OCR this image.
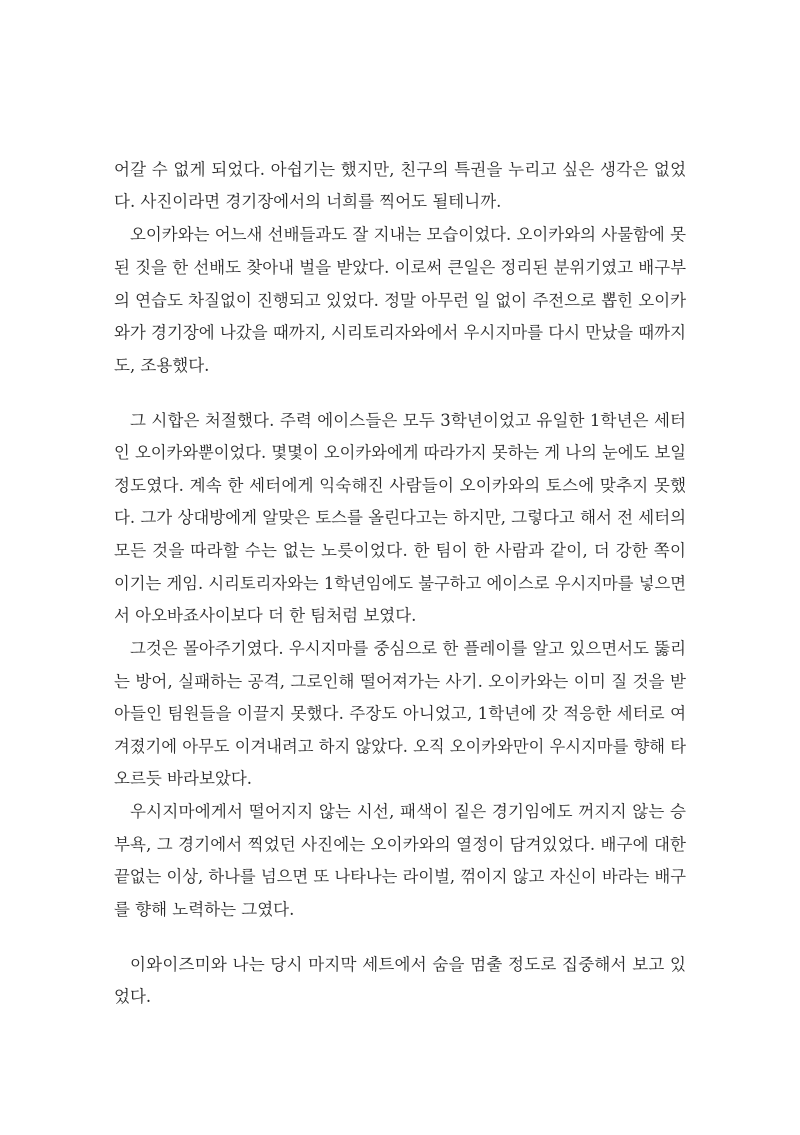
어갈 수 없게 되었다. 아쉽기는 했지만, 친구의 특권을 누리고 싶은 생각은 없었
다. 사진이라면 경기장에서의 너희를 찍어도 될테니까.
오이카와는 어느새 선배들과도 잘 지내는 모습이었다. 오이카와의 사물함에 못
된 짓을 한 선배도 찾아내 벌을 받았다. 이로써 큰일은 정리된 분위기였고 배구부
의 연습도 차질없이 진행되고 있었다. 정말 아무런 일 없이 주전으로 뽑힌 오이카
와가 경기장에 나갔을 때까지, 시리토리자와에서 우시지마를 다시 만났을 때까지
도, 조용했다.
그 시합은 처절했다. 주력 에이스들은 모두 3학년이었고 유일한 1학년은 세터
인 오이카와뿐이었다. 몇몇이 오이카와에게 따라가지 못하는 게 나의 눈에도 보일
정도였다. 계속 한 세터에게 익숙해진 사람들이 오이카와의 토스에 맞추지 못했
다. 그가 상대방에게 알맞은 토스를 올린다고는 하지만, 그렇다고 해서 전 세터의
모든 것을 따라할 수는 없는 노릇이었다. 한 팀이 한 사람과 같이, 더 강한 쪽이
이기는 게임. 시리토리자와는 1학년임에도 불구하고 에이스로 우시지마를 넣으면
서 아오바죠사이보다 더 한 팀처럼 보였다.
그것은 몰아주기였다. 우시지마를 중심으로 한 플레이를 알고 있으면서도 뚫리
는 방어, 실패하는 공격, 그로인해 떨어져가는 사기. 오이카와는 이미 질 것을 받
아들인 팀원들을 이끌지 못했다. 주장도 아니었고, 1학년에 갓 적응한 세터로 여
겨졌기에 아무도 이겨내려고 하지 않았다. 오직 오이카와만이 우시지마를 향해 타
오르듯 바라보았다.
우시지마에게서 떨어지지 않는 시선, 패색이 짙은 경기임에도 꺼지지 않는 승
부욕, 그 경기에서 찍었던 사진에는 오이카와의 열정이 담겨있었다. 배구에 대한
끝없는 이상, 하나를 넘으면 또 나타나는 라이벌, 꺾이지 않고 자신이 바라는 배구
를 향해 노력하는 그였다.
이와이즈미와 나는 당시 마지막 세트에서 숨을 멈출 정도로 집중해서 보고 있
었다.
